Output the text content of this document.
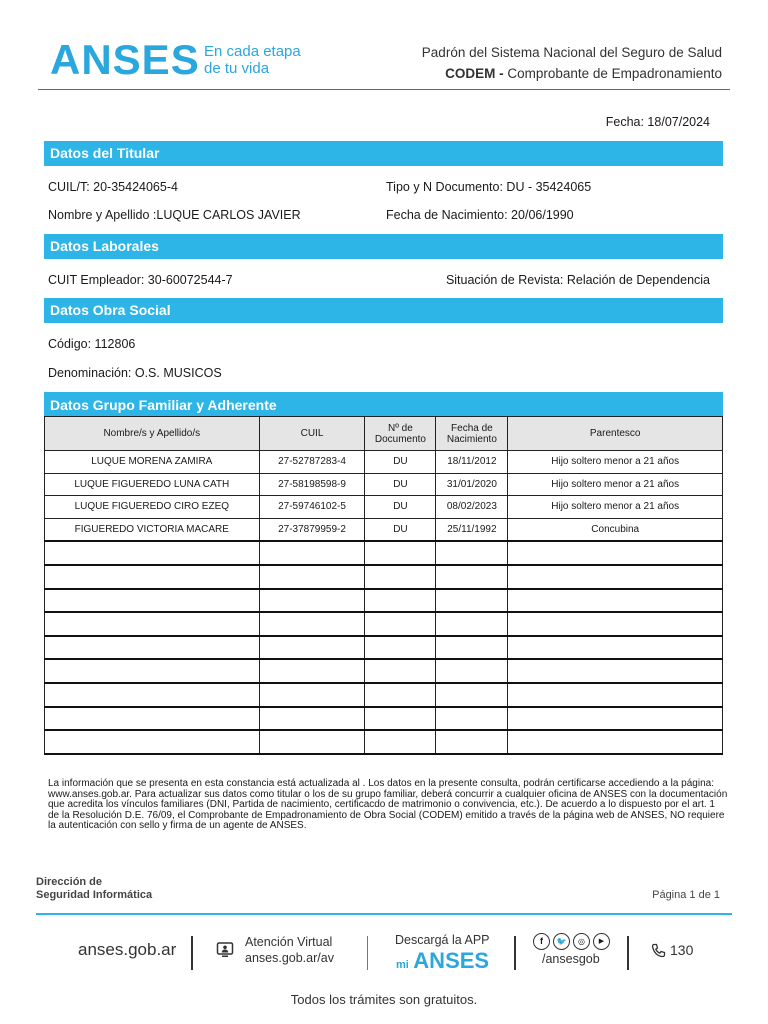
ANSES En cada etapa
de tu vida
Padrón del Sistema Nacional del Seguro de Salud
CODEM - Comprobante de Empadronamiento
Fecha: 18/07/2024
Datos del Titular
CUIL/T: 20-35424065-4	Tipo y N Documento: DU - 35424065
Nombre y Apellido :LUQUE CARLOS JAVIER	Fecha de Nacimiento: 20/06/1990
Datos Laborales
CUIT Empleador: 30-60072544-7	Situación de Revista: Relación de Dependencia
Datos Obra Social
Código: 112806
Denominación: O.S. MUSICOS
Datos Grupo Familiar y Adherente
Nombre/s y Apellido/s	CUIL	Nº de Documento	Fecha de Nacimiento	Parentesco
LUQUE MORENA ZAMIRA	27-52787283-4	DU	18/11/2012	Hijo soltero menor a 21 años
LUQUE FIGUEREDO LUNA CATH	27-58198598-9	DU	31/01/2020	Hijo soltero menor a 21 años
LUQUE FIGUEREDO CIRO EZEQ	27-59746102-5	DU	08/02/2023	Hijo soltero menor a 21 años
FIGUEREDO VICTORIA MACARE	27-37879959-2	DU	25/11/1992	Concubina

La información que se presenta en esta constancia está actualizada al . Los datos en la presente consulta, podrán certificarse accediendo a la página: www.anses.gob.ar. Para actualizar sus datos como titular o los de su grupo familiar, deberá concurrir a cualquier oficina de ANSES con la documentación que acredita los vínculos familiares (DNI, Partida de nacimiento, certificacdo de matrimonio o convivencia, etc.). De acuerdo a lo dispuesto por el art. 1 de la Resolución D.E. 76/09, el Comprobante de Empadronamiento de Obra Social (CODEM) emitido a través de la página web de ANSES, NO requiere la autenticación con sello y firma de un agente de ANSES.
Dirección de
Seguridad Informática	Página 1 de 1
anses.gob.ar	Atención Virtual
anses.gob.ar/av
Descargá la APP
mi ANSES
f	🐦	◎	▶
/ansesgob
130
Todos los trámites son gratuitos.
